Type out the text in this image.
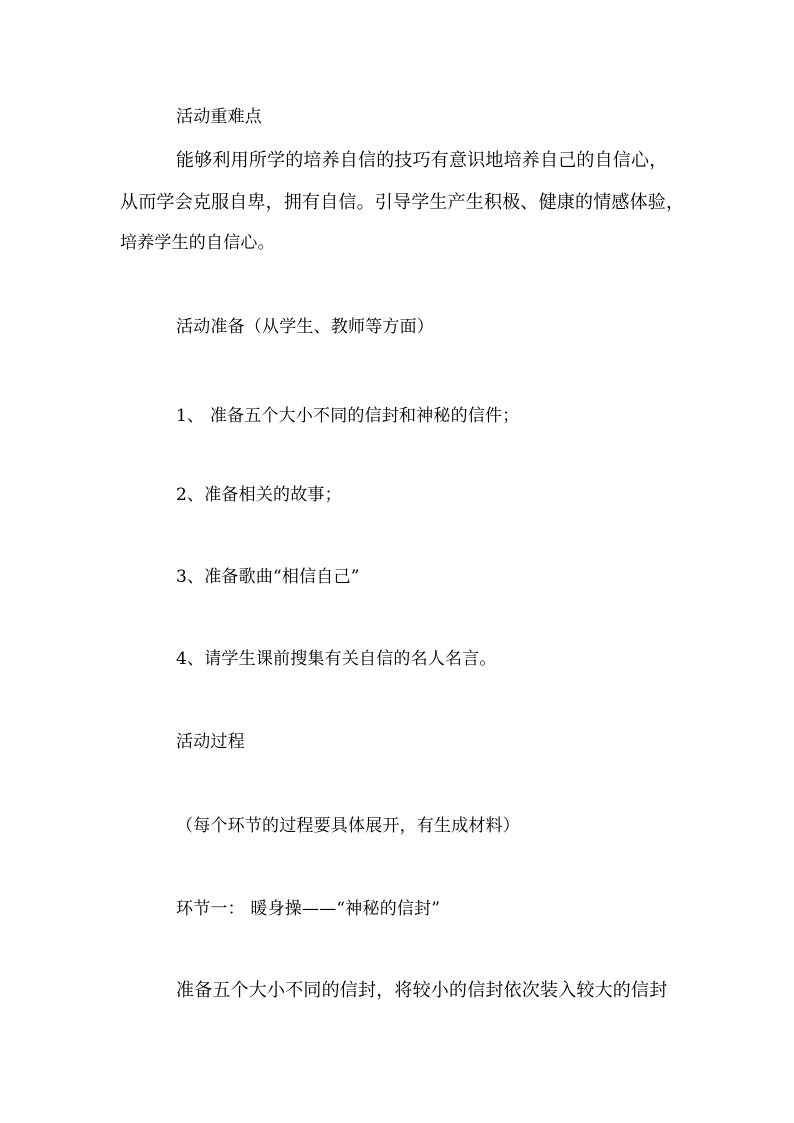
活动重难点
能够利用所学的培养自信的技巧有意识地培养自己的自信心，
从而学会克服自卑，拥有自信。引导学生产生积极、健康的情感体验，
培养学生的自信心。
活动准备（从学生、教师等方面）
1、 准备五个大小不同的信封和神秘的信件；
2、准备相关的故事；
3、准备歌曲“相信自己”
4、请学生课前搜集有关自信的名人名言。
活动过程
（每个环节的过程要具体展开，有生成材料）
环节一： 暖身操——“神秘的信封”
准备五个大小不同的信封，将较小的信封依次装入较大的信封
